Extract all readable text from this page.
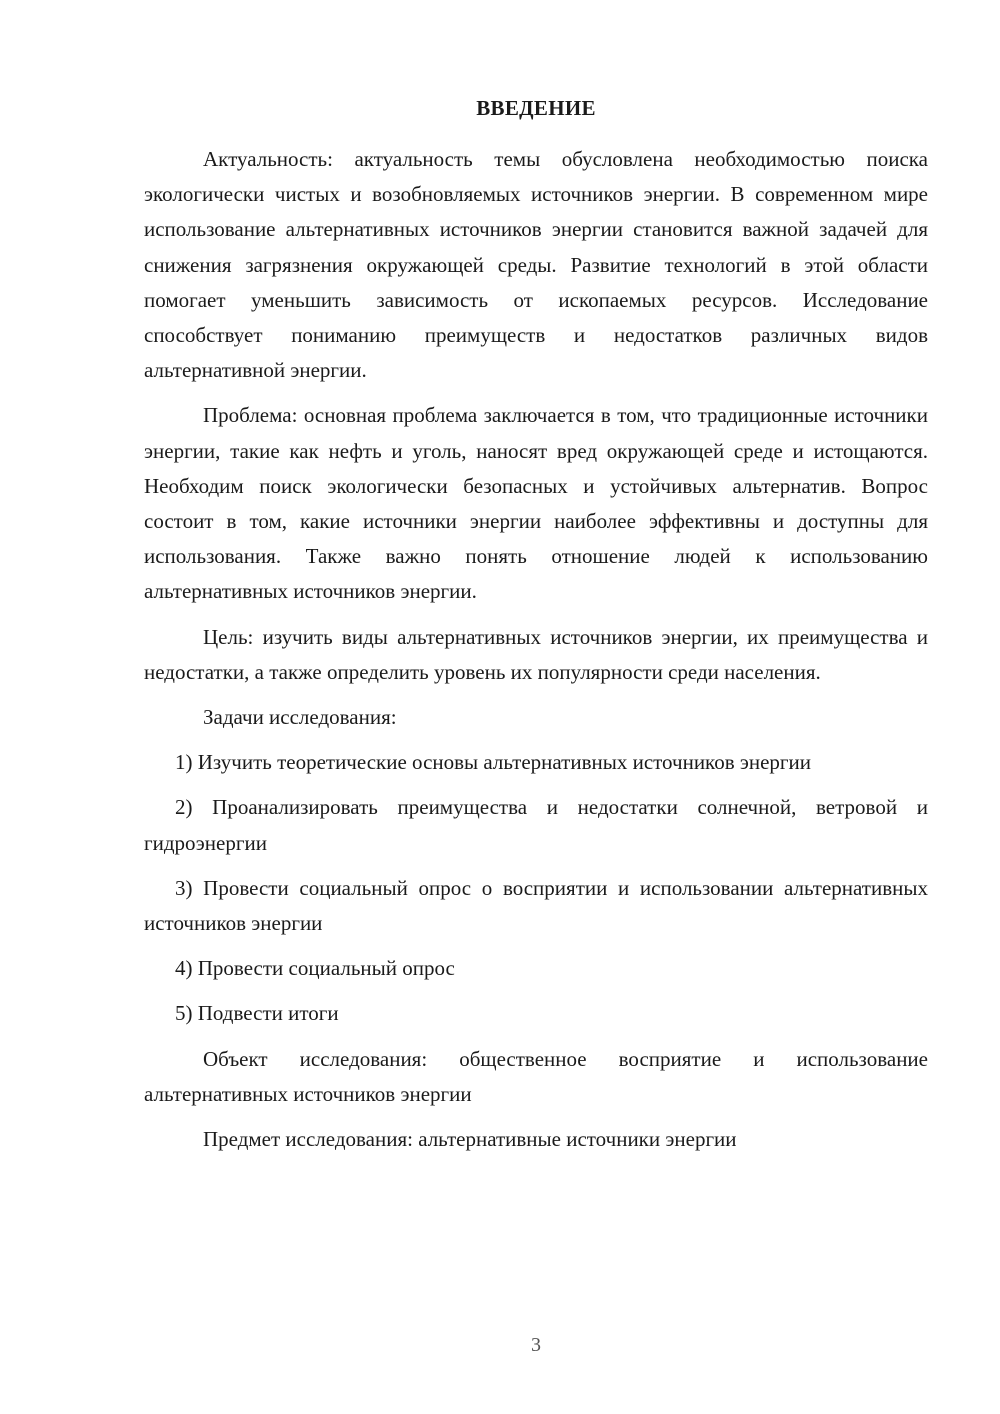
ВВЕДЕНИЕ

Актуальность: актуальность темы обусловлена необходимостью поиска экологически чистых и возобновляемых источников энергии. В современном мире использование альтернативных источников энергии становится важной задачей для снижения загрязнения окружающей среды. Развитие технологий в этой области помогает уменьшить зависимость от ископаемых ресурсов. Исследование способствует пониманию преимуществ и недостатков различных видов альтернативной энергии.

Проблема: основная проблема заключается в том, что традиционные источники энергии, такие как нефть и уголь, наносят вред окружающей среде и истощаются. Необходим поиск экологически безопасных и устойчивых альтернатив. Вопрос состоит в том, какие источники энергии наиболее эффективны и доступны для использования. Также важно понять отношение людей к использованию альтернативных источников энергии.

Цель: изучить виды альтернативных источников энергии, их преимущества и недостатки, а также определить уровень их популярности среди населения.

Задачи исследования:

1) Изучить теоретические основы альтернативных источников энергии

2) Проанализировать преимущества и недостатки солнечной, ветровой и гидроэнергии

3) Провести социальный опрос о восприятии и использовании альтернативных источников энергии

4) Провести социальный опрос

5) Подвести итоги

Объект исследования: общественное восприятие и использование альтернативных источников энергии

Предмет исследования: альтернативные источники энергии

3
